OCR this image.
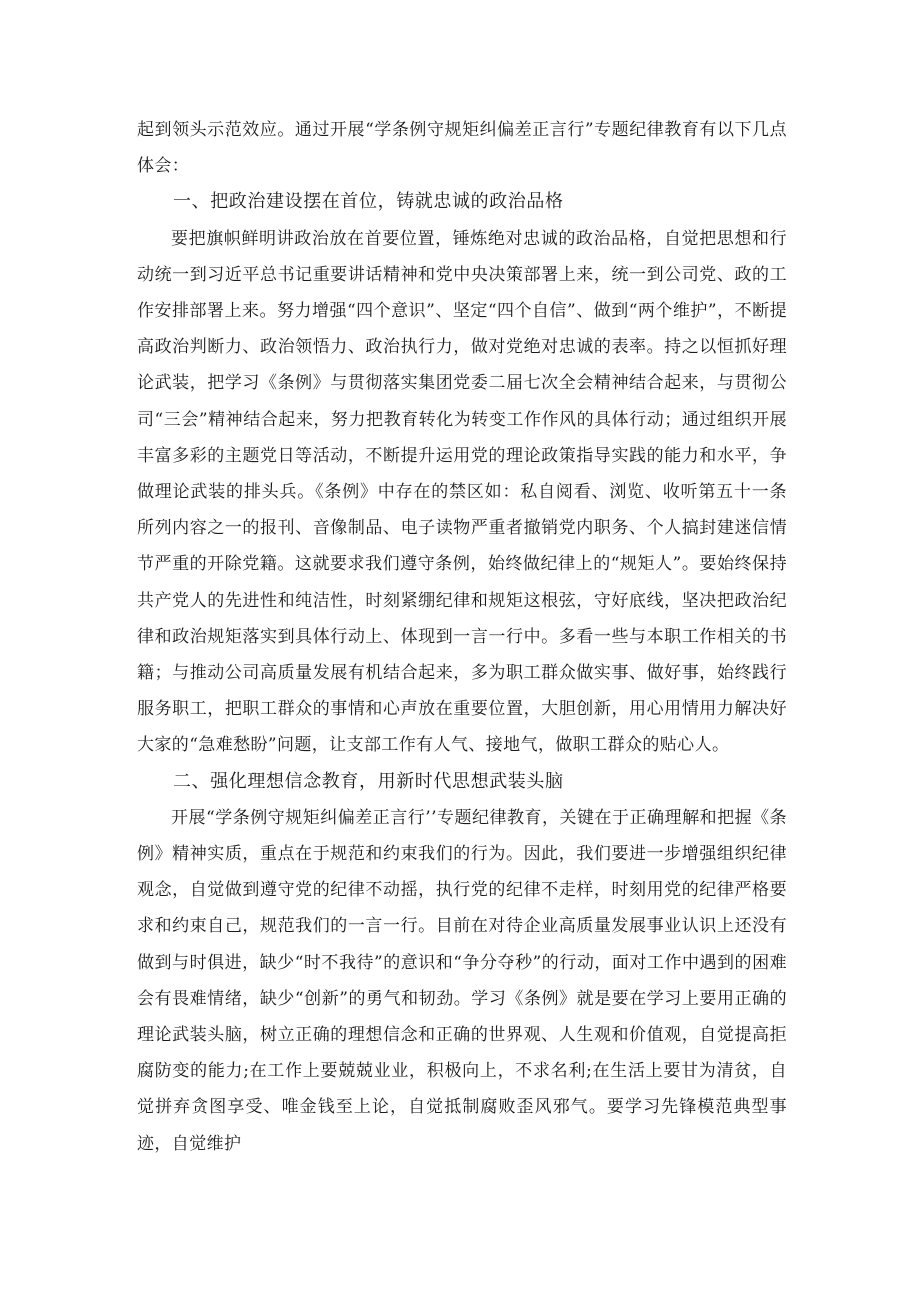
起到领头示范效应。通过开展“学条例守规矩纠偏差正言行”专题纪律教育有以下几点体会：

一、把政治建设摆在首位，铸就忠诚的政治品格

要把旗帜鲜明讲政治放在首要位置，锤炼绝对忠诚的政治品格，自觉把思想和行动统一到习近平总书记重要讲话精神和党中央决策部署上来，统一到公司党、政的工作安排部署上来。努力增强“四个意识”、坚定“四个自信”、做到“两个维护”，不断提高政治判断力、政治领悟力、政治执行力，做对党绝对忠诚的表率。持之以恒抓好理论武装，把学习《条例》与贯彻落实集团党委二届七次全会精神结合起来，与贯彻公司“三会”精神结合起来，努力把教育转化为转变工作作风的具体行动；通过组织开展丰富多彩的主题党日等活动，不断提升运用党的理论政策指导实践的能力和水平，争做理论武装的排头兵。《条例》中存在的禁区如：私自阅看、浏览、收听第五十一条所列内容之一的报刊、音像制品、电子读物严重者撤销党内职务、个人搞封建迷信情节严重的开除党籍。这就要求我们遵守条例，始终做纪律上的“规矩人”。要始终保持共产党人的先进性和纯洁性，时刻紧绷纪律和规矩这根弦，守好底线，坚决把政治纪律和政治规矩落实到具体行动上、体现到一言一行中。多看一些与本职工作相关的书籍；与推动公司高质量发展有机结合起来，多为职工群众做实事、做好事，始终践行服务职工，把职工群众的事情和心声放在重要位置，大胆创新，用心用情用力解决好大家的“急难愁盼”问题，让支部工作有人气、接地气，做职工群众的贴心人。

二、强化理想信念教育，用新时代思想武装头脑

开展“学条例守规矩纠偏差正言行’’专题纪律教育，关键在于正确理解和把握《条例》精神实质，重点在于规范和约束我们的行为。因此，我们要进一步增强组织纪律观念，自觉做到遵守党的纪律不动摇，执行党的纪律不走样，时刻用党的纪律严格要求和约束自己，规范我们的一言一行。目前在对待企业高质量发展事业认识上还没有做到与时俱进，缺少“时不我待”的意识和“争分夺秒”的行动，面对工作中遇到的困难会有畏难情绪，缺少“创新”的勇气和韧劲。学习《条例》就是要在学习上要用正确的理论武装头脑，树立正确的理想信念和正确的世界观、人生观和价值观，自觉提高拒腐防变的能力;在工作上要兢兢业业，积极向上，不求名利;在生活上要甘为清贫，自觉拼弃贪图享受、唯金钱至上论，自觉抵制腐败歪风邪气。要学习先锋模范典型事迹，自觉维护
